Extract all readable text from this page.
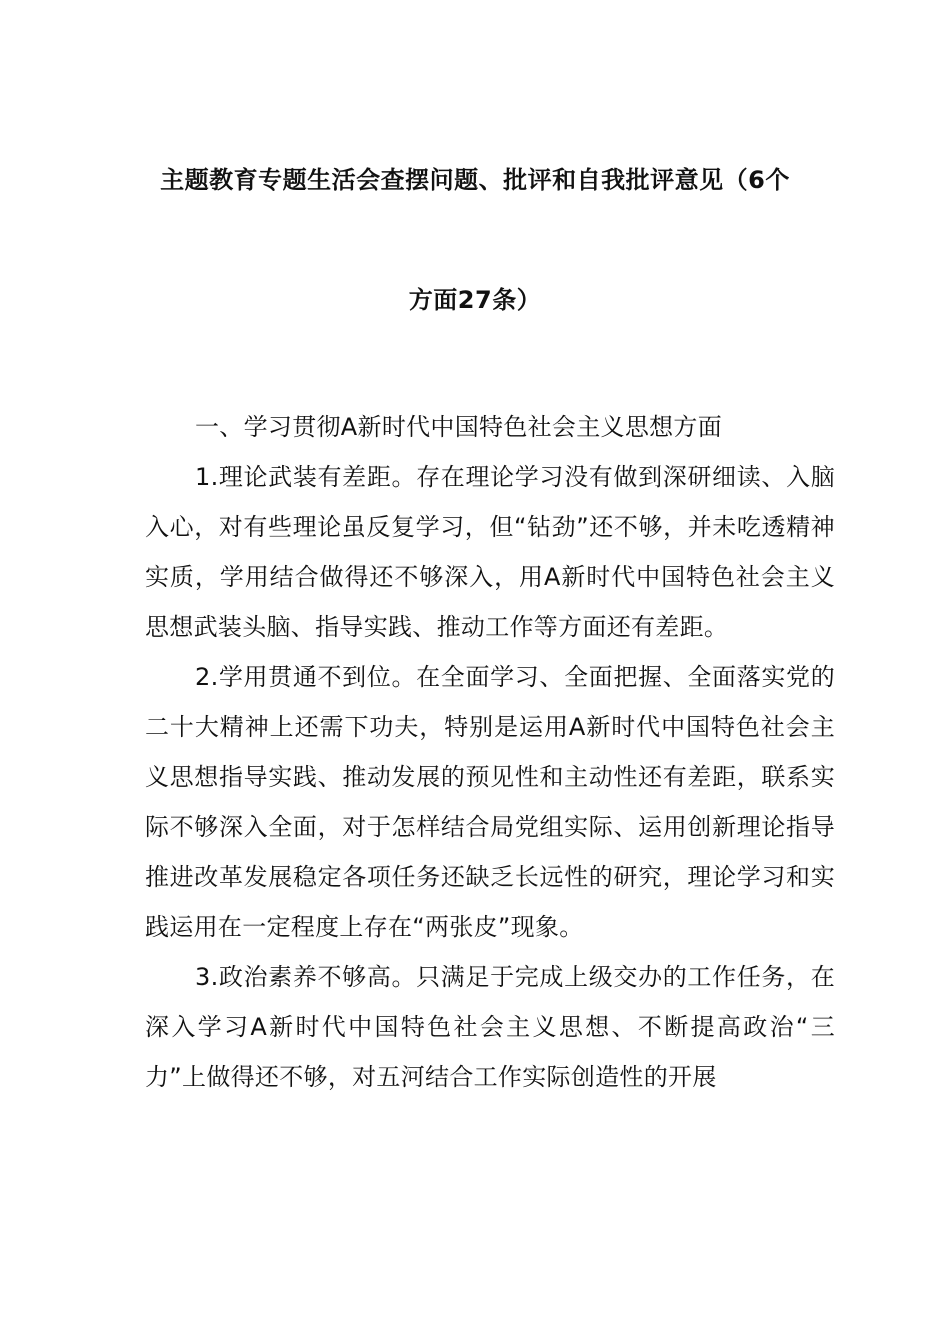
主题教育专题生活会查摆问题、批评和自我批评意见（6个
方面27条）

一、学习贯彻A新时代中国特色社会主义思想方面

1.理论武装有差距。存在理论学习没有做到深研细读、入脑入心，对有些理论虽反复学习，但“钻劲”还不够，并未吃透精神实质，学用结合做得还不够深入，用A新时代中国特色社会主义思想武装头脑、指导实践、推动工作等方面还有差距。

2.学用贯通不到位。在全面学习、全面把握、全面落实党的二十大精神上还需下功夫，特别是运用A新时代中国特色社会主义思想指导实践、推动发展的预见性和主动性还有差距，联系实际不够深入全面，对于怎样结合局党组实际、运用创新理论指导推进改革发展稳定各项任务还缺乏长远性的研究，理论学习和实践运用在一定程度上存在“两张皮”现象。

3.政治素养不够高。只满足于完成上级交办的工作任务，在深入学习A新时代中国特色社会主义思想、不断提高政治“三力”上做得还不够，对五河结合工作实际创造性的开展
